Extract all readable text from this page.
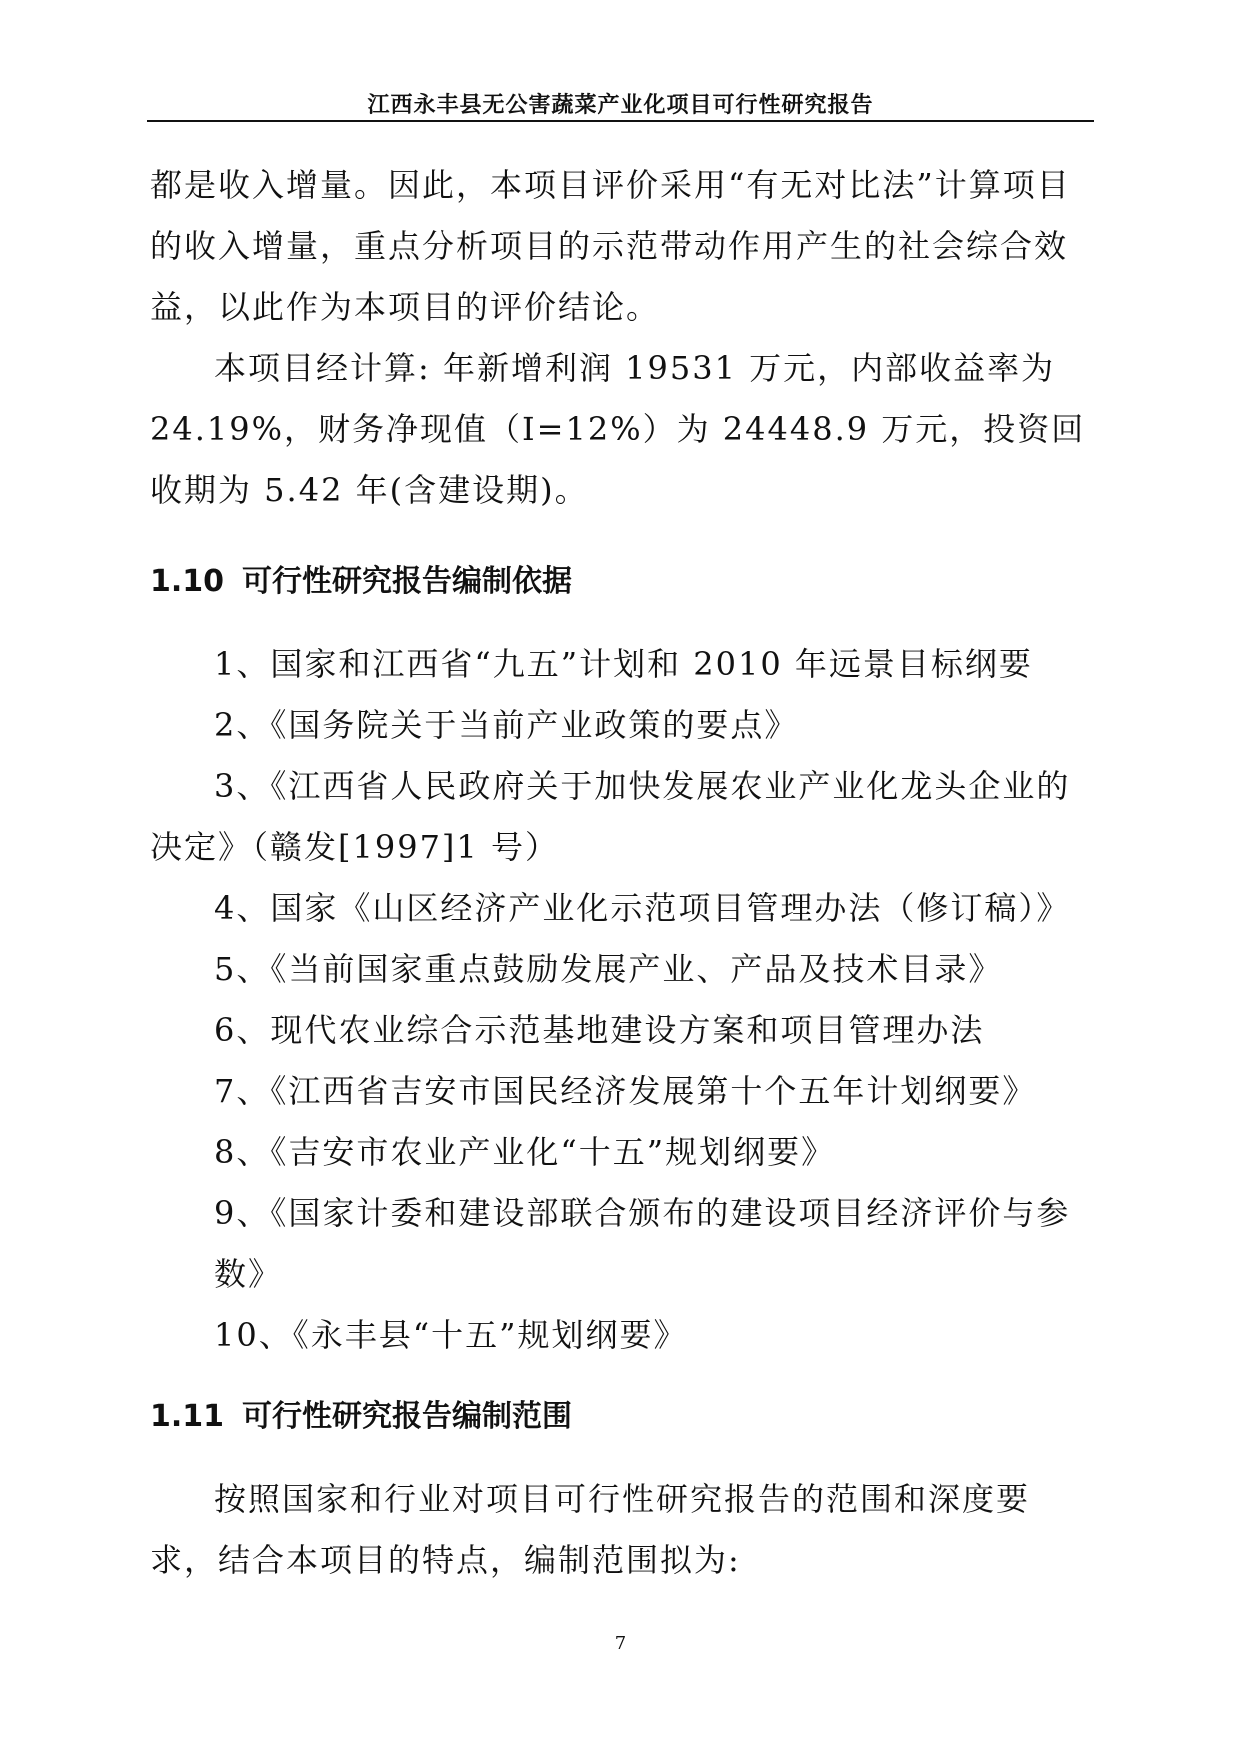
江西永丰县无公害蔬菜产业化项目可行性研究报告

都是收入增量。因此，本项目评价采用“有无对比法”计算项目的收入增量，重点分析项目的示范带动作用产生的社会综合效益，以此作为本项目的评价结论。

本项目经计算: 年新增利润 19531 万元，内部收益率为 24.19%，财务净现值（I=12%）为 24448.9 万元，投资回收期为 5.42 年(含建设期)。

1.10 可行性研究报告编制依据
1、国家和江西省“九五”计划和 2010 年远景目标纲要
2、《国务院关于当前产业政策的要点》
3、《江西省人民政府关于加快发展农业产业化龙头企业的决定》（赣发[1997]1 号）
4、国家《山区经济产业化示范项目管理办法（修订稿）》
5、《当前国家重点鼓励发展产业、产品及技术目录》
6、现代农业综合示范基地建设方案和项目管理办法
7、《江西省吉安市国民经济发展第十个五年计划纲要》
8、《吉安市农业产业化“十五”规划纲要》
9、《国家计委和建设部联合颁布的建设项目经济评价与参数》
10、《永丰县“十五”规划纲要》
1.11 可行性研究报告编制范围

按照国家和行业对项目可行性研究报告的范围和深度要求，结合本项目的特点，编制范围拟为:

7
